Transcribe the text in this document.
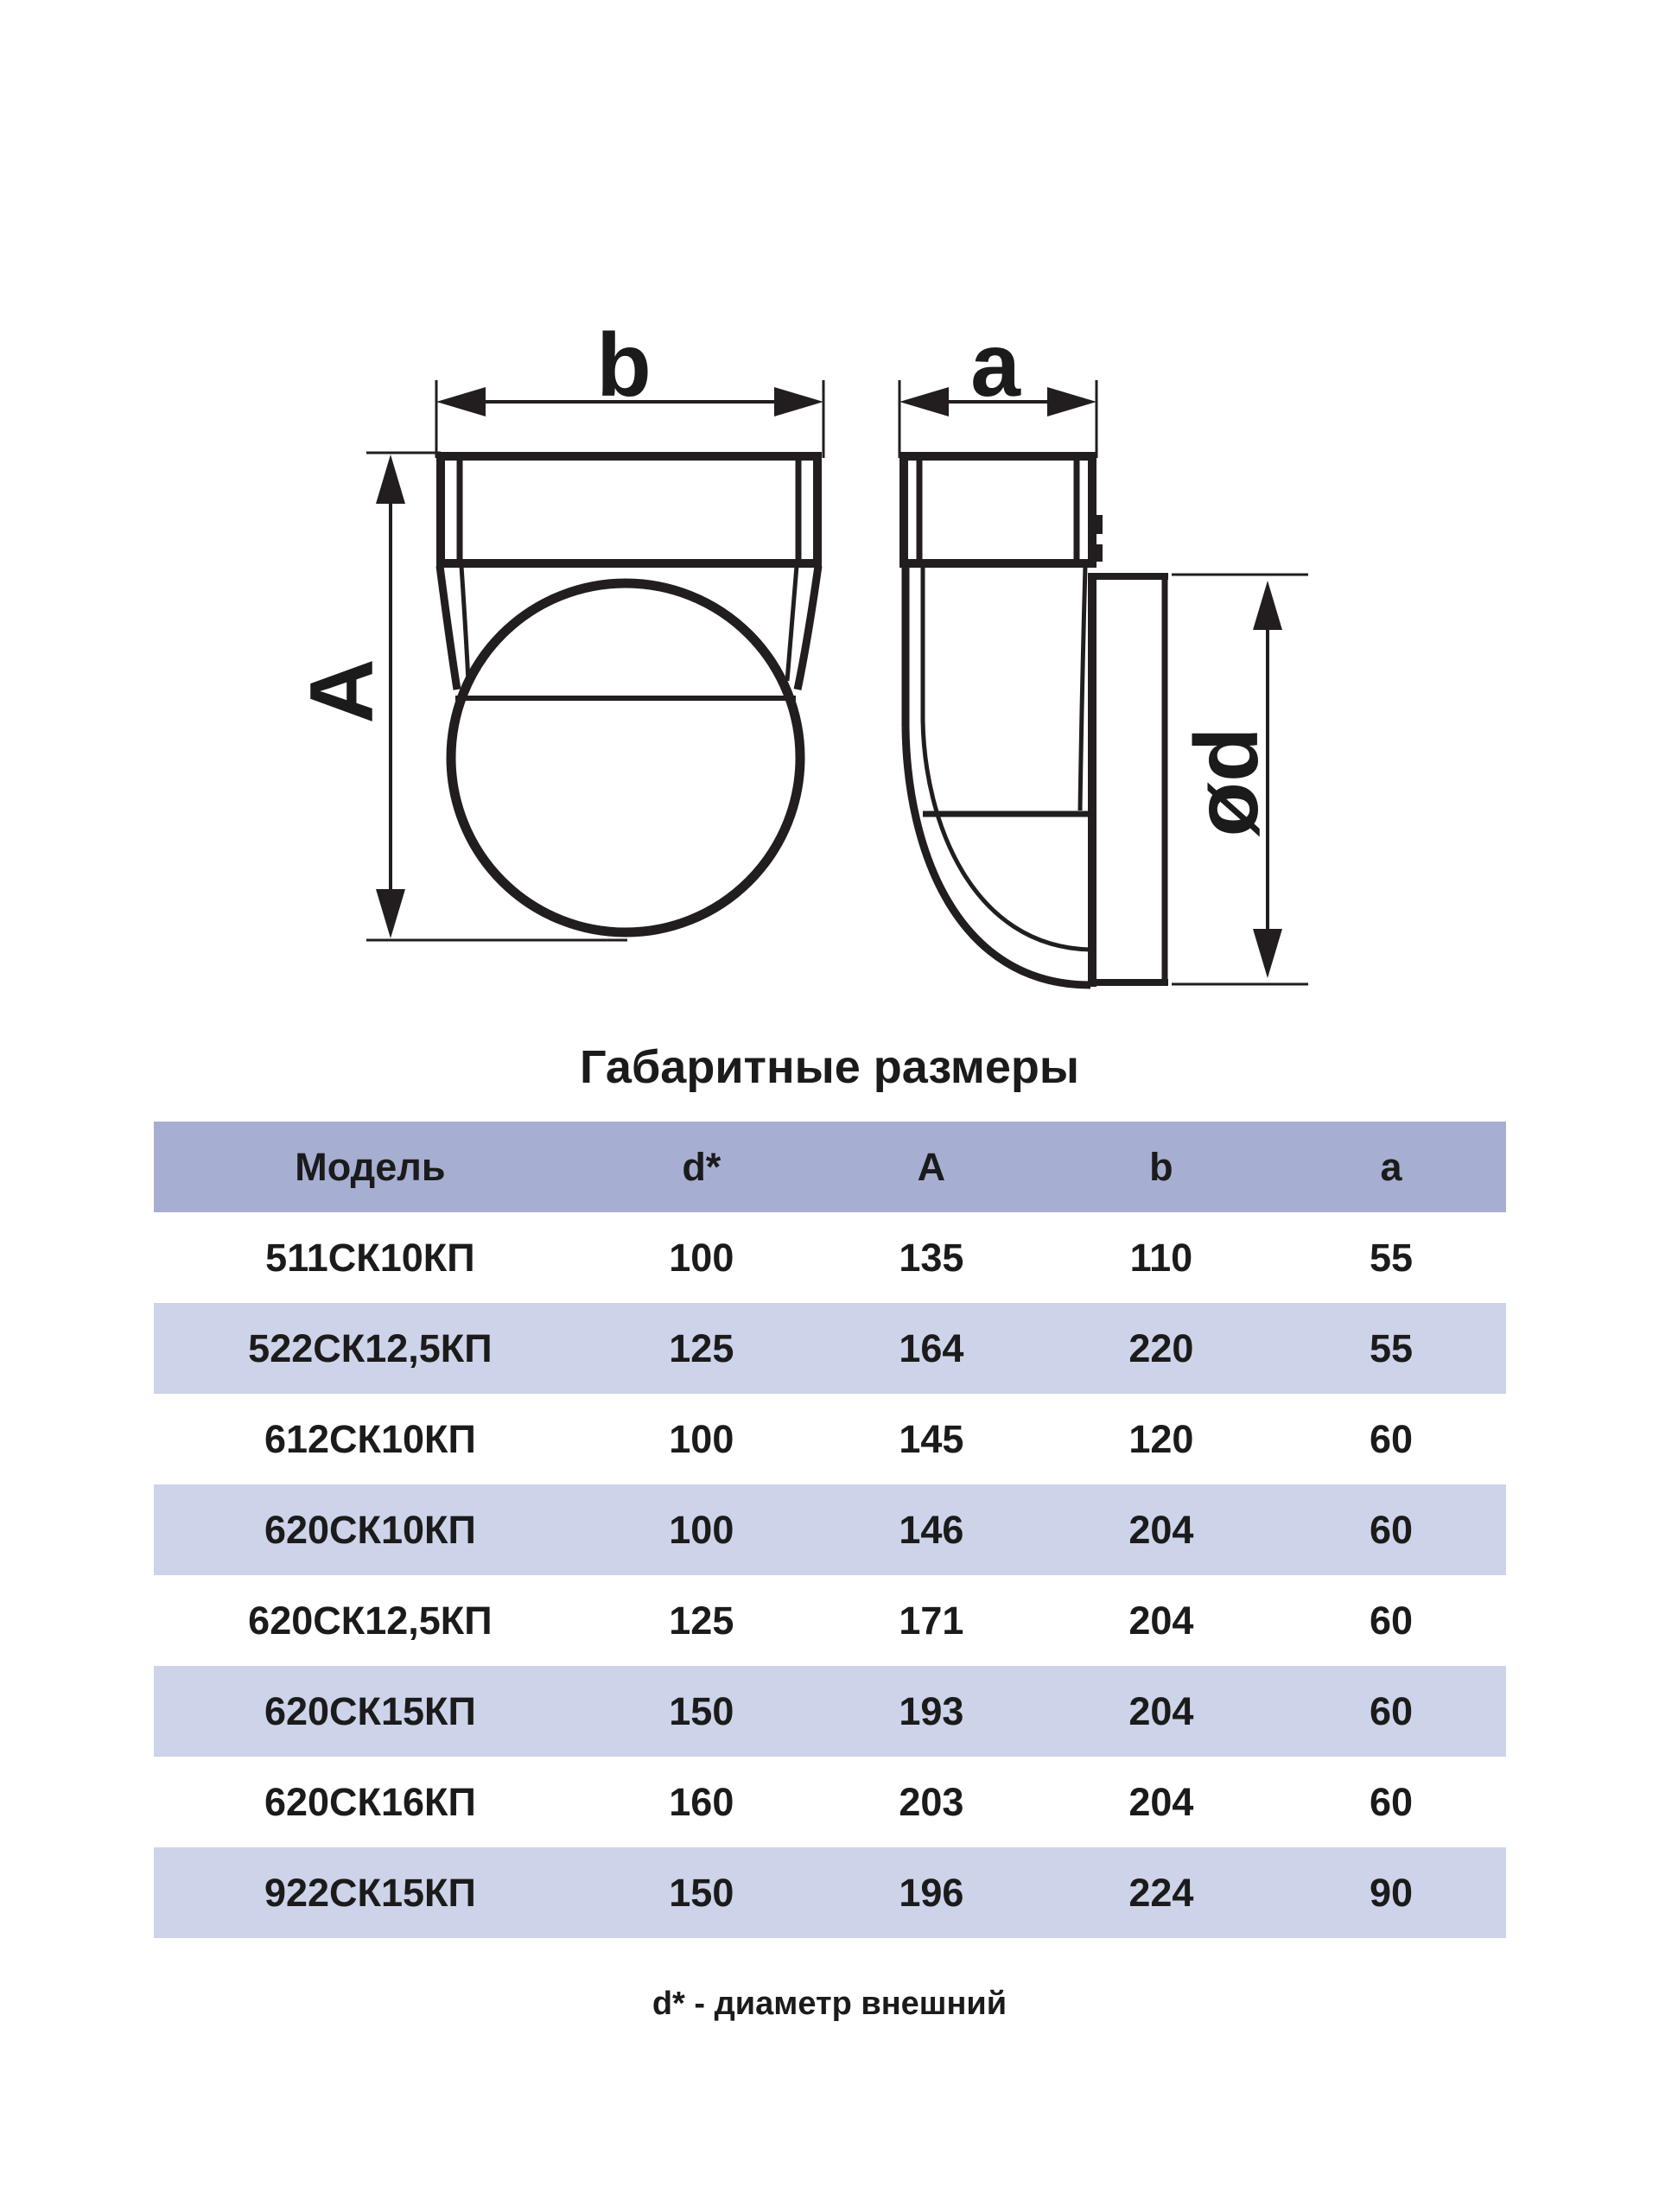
b
A
a
ød
Габаритные размеры
Модель	d*	A	b	a
511СК10КП	100	135	110	55
522СК12,5КП	125	164	220	55
612СК10КП	100	145	120	60
620СК10КП	100	146	204	60
620СК12,5КП	125	171	204	60
620СК15КП	150	193	204	60
620СК16КП	160	203	204	60
922СК15КП	150	196	224	90
d* - диаметр внешний
